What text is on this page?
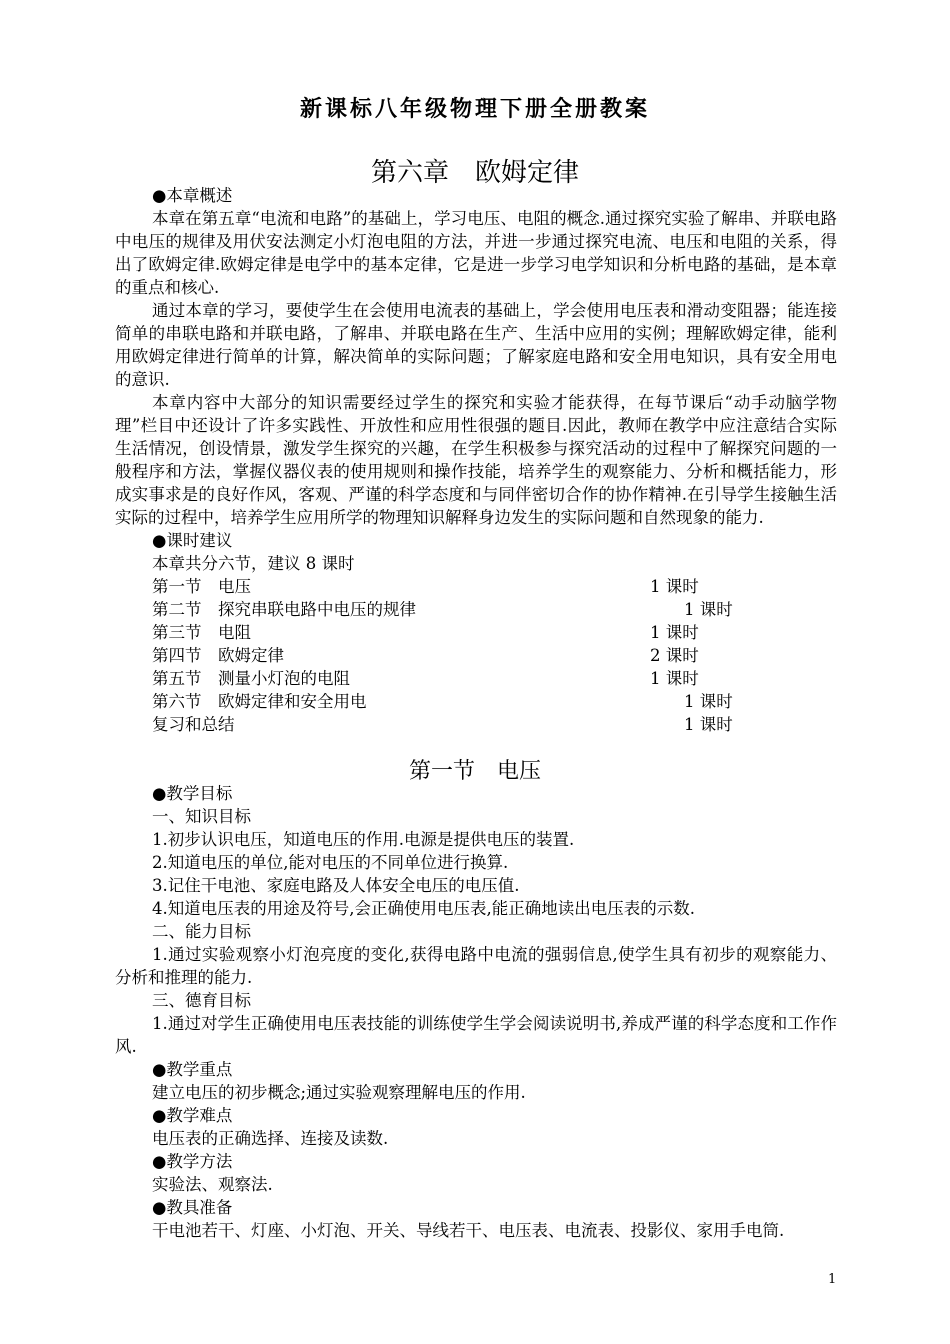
新课标八年级物理下册全册教案
第六章　欧姆定律

●本章概述

本章在第五章“电流和电路”的基础上，学习电压、电阻的概念.通过探究实验了解串、并联电路中电压的规律及用伏安法测定小灯泡电阻的方法，并进一步通过探究电流、电压和电阻的关系，得出了欧姆定律.欧姆定律是电学中的基本定律，它是进一步学习电学知识和分析电路的基础，是本章的重点和核心.

通过本章的学习，要使学生在会使用电流表的基础上，学会使用电压表和滑动变阻器；能连接简单的串联电路和并联电路，了解串、并联电路在生产、生活中应用的实例；理解欧姆定律，能利用欧姆定律进行简单的计算，解决简单的实际问题；了解家庭电路和安全用电知识，具有安全用电的意识.

本章内容中大部分的知识需要经过学生的探究和实验才能获得，在每节课后“动手动脑学物理”栏目中还设计了许多实践性、开放性和应用性很强的题目.因此，教师在教学中应注意结合实际生活情况，创设情景，激发学生探究的兴趣，在学生积极参与探究活动的过程中了解探究问题的一般程序和方法，掌握仪器仪表的使用规则和操作技能，培养学生的观察能力、分析和概括能力，形成实事求是的良好作风，客观、严谨的科学态度和与同伴密切合作的协作精神.在引导学生接触生活实际的过程中，培养学生应用所学的物理知识解释身边发生的实际问题和自然现象的能力.

●课时建议

本章共分六节，建议 8 课时

第一节　电压	1 课时
第二节　探究串联电路中电压的规律	1 课时
第三节　电阻	1 课时
第四节　欧姆定律	2 课时
第五节　测量小灯泡的电阻	1 课时
第六节　欧姆定律和安全用电	1 课时
复习和总结	1 课时
第一节　电压

●教学目标

一、知识目标

1.初步认识电压，知道电压的作用.电源是提供电压的装置.

2.知道电压的单位,能对电压的不同单位进行换算.

3.记住干电池、家庭电路及人体安全电压的电压值.

4.知道电压表的用途及符号,会正确使用电压表,能正确地读出电压表的示数.

二、能力目标

1.通过实验观察小灯泡亮度的变化,获得电路中电流的强弱信息,使学生具有初步的观察能力、分析和推理的能力.

三、德育目标

1.通过对学生正确使用电压表技能的训练使学生学会阅读说明书,养成严谨的科学态度和工作作风.

●教学重点

建立电压的初步概念;通过实验观察理解电压的作用.

●教学难点

电压表的正确选择、连接及读数.

●教学方法

实验法、观察法.

●教具准备

干电池若干、灯座、小灯泡、开关、导线若干、电压表、电流表、投影仪、家用手电筒.

1
